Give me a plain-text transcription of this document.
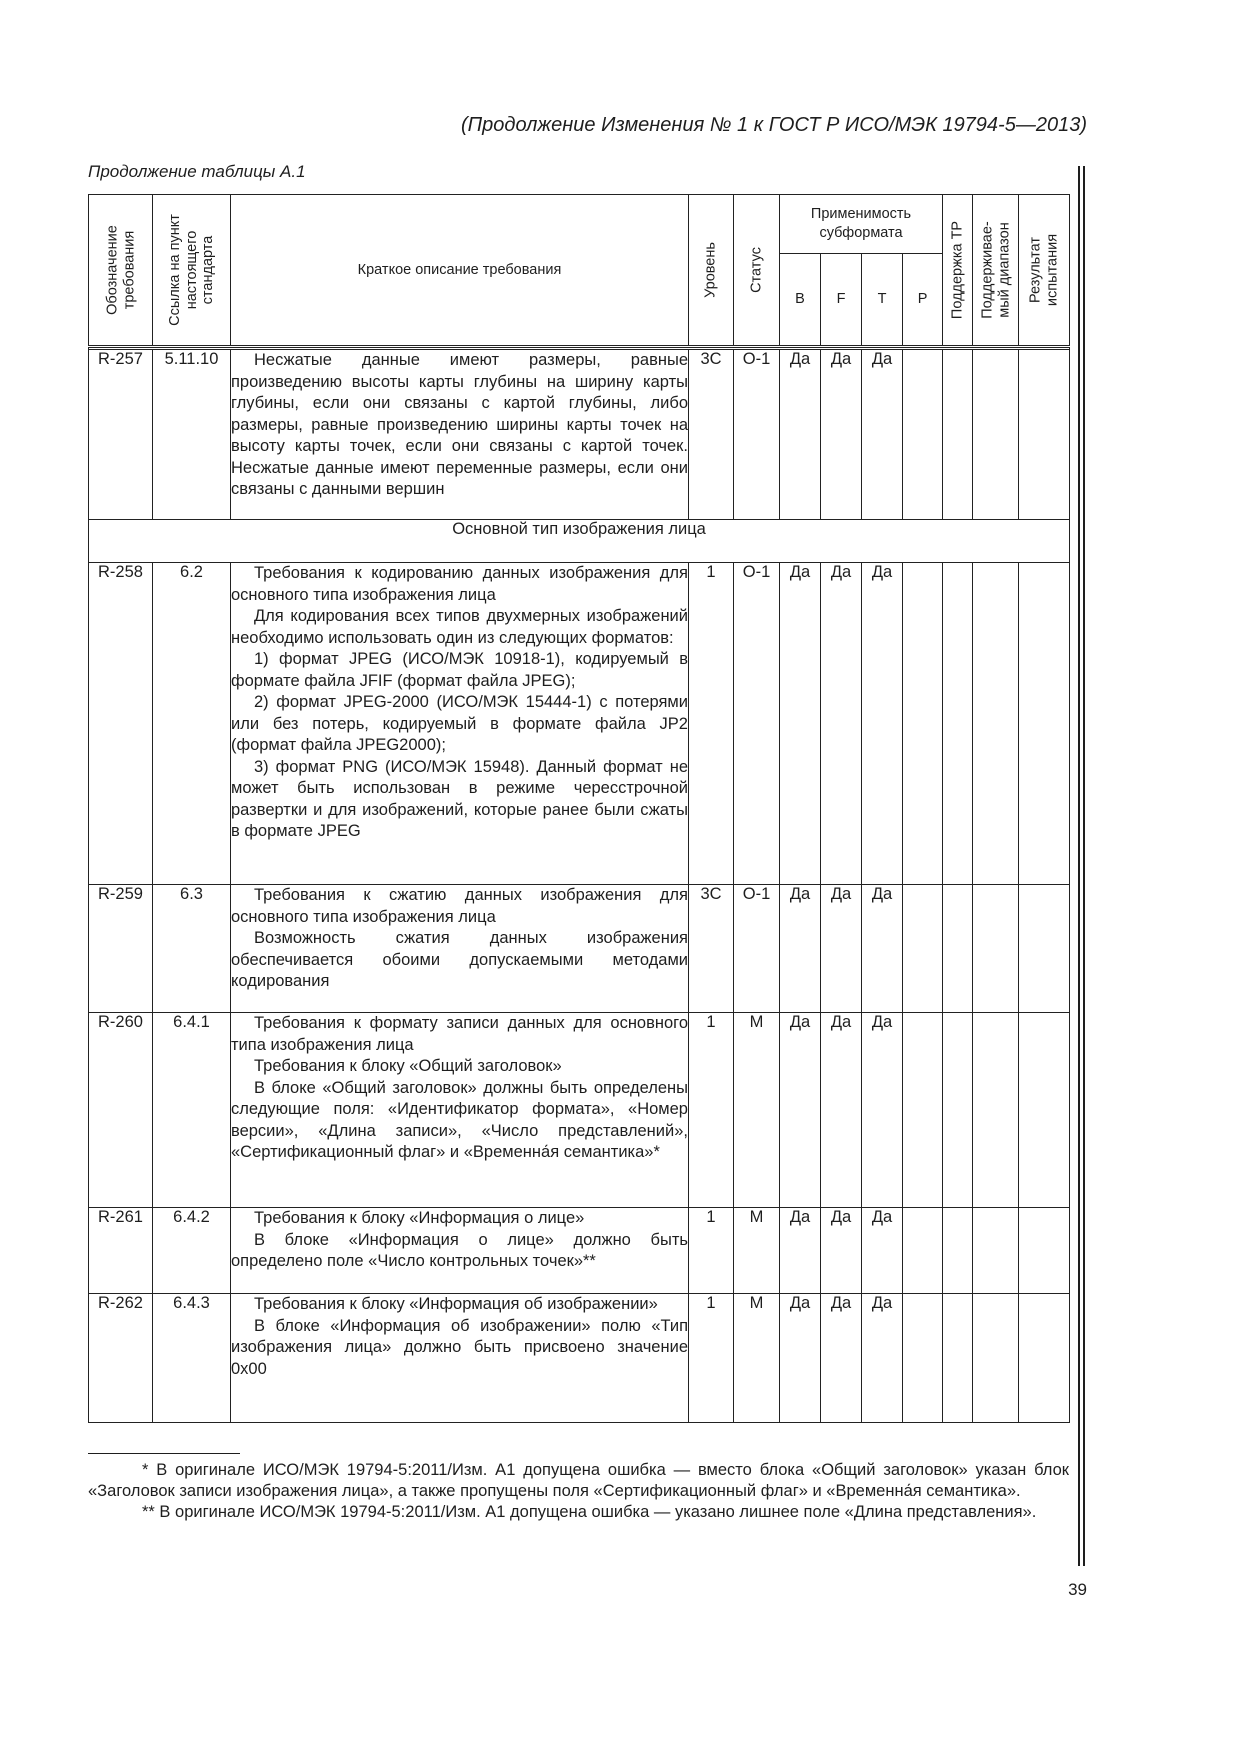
(Продолжение Изменения № 1 к ГОСТ Р ИСО/МЭК 19794-5—2013)
Продолжение таблицы А.1
Обозначение требования	Ссылка на пункт настоящего стандарта	Краткое описание требования	Уровень	Статус	Применимость субформата				Поддержка ТР	Поддерживае-мый диапазон	Результат испытания

					B	F	T	P			

R-257	5.11.10	Несжатые данные имеют размеры, равные произведению высоты карты глубины на ширину карты глубины, если они связаны с картой глубины, либо размеры, равные произведению ширины карты точек на высоту карты точек, если они связаны с картой точек. Несжатые данные имеют переменные размеры, если они связаны с данными вершин	3C	O-1	Да	Да	Да				
Основной тип изображения лица											
R-258	6.2	Требования к кодированию данных изображения для основного типа изображения лица

Для кодирования всех типов двухмерных изображений необходимо использовать один из следующих форматов:

1) формат JPEG (ИСО/МЭК 10918-1), кодируемый в формате файла JFIF (формат файла JPEG);

2) формат JPEG-2000 (ИСО/МЭК 15444-1) с потерями или без потерь, кодируемый в формате файла JP2 (формат файла JPEG2000);

3) формат PNG (ИСО/МЭК 15948). Данный формат не может быть использован в режиме чересстрочной развертки и для изображений, которые ранее были сжаты в формате JPEG	1	O-1	Да	Да	Да				
R-259	6.3	Требования к сжатию данных изображения для основного типа изображения лица

Возможность сжатия данных изображения обеспечивается обоими допускаемыми методами кодирования	3C	O-1	Да	Да	Да				
R-260	6.4.1	Требования к формату записи данных для основного типа изображения лица

Требования к блоку «Общий заголовок»

В блоке «Общий заголовок» должны быть определены следующие поля: «Идентификатор формата», «Номер версии», «Длина записи», «Число представлений», «Сертификационный флаг» и «Временна́я семантика»*	1	M	Да	Да	Да				
R-261	6.4.2	Требования к блоку «Информация о лице»

В блоке «Информация о лице» должно быть определено поле «Число контрольных точек»**	1	M	Да	Да	Да				
R-262	6.4.3	Требования к блоку «Информация об изображении»

В блоке «Информация об изображении» полю «Тип изображения лица» должно быть присвоено значение 0x00	1	M	Да	Да	Да				

* В оригинале ИСО/МЭК 19794-5:2011/Изм. А1 допущена ошибка — вместо блока «Общий заголовок» указан блок «Заголовок записи изображения лица», а также пропущены поля «Сертификационный флаг» и «Временна́я семантика».

** В оригинале ИСО/МЭК 19794-5:2011/Изм. А1 допущена ошибка — указано лишнее поле «Длина представления».

39
